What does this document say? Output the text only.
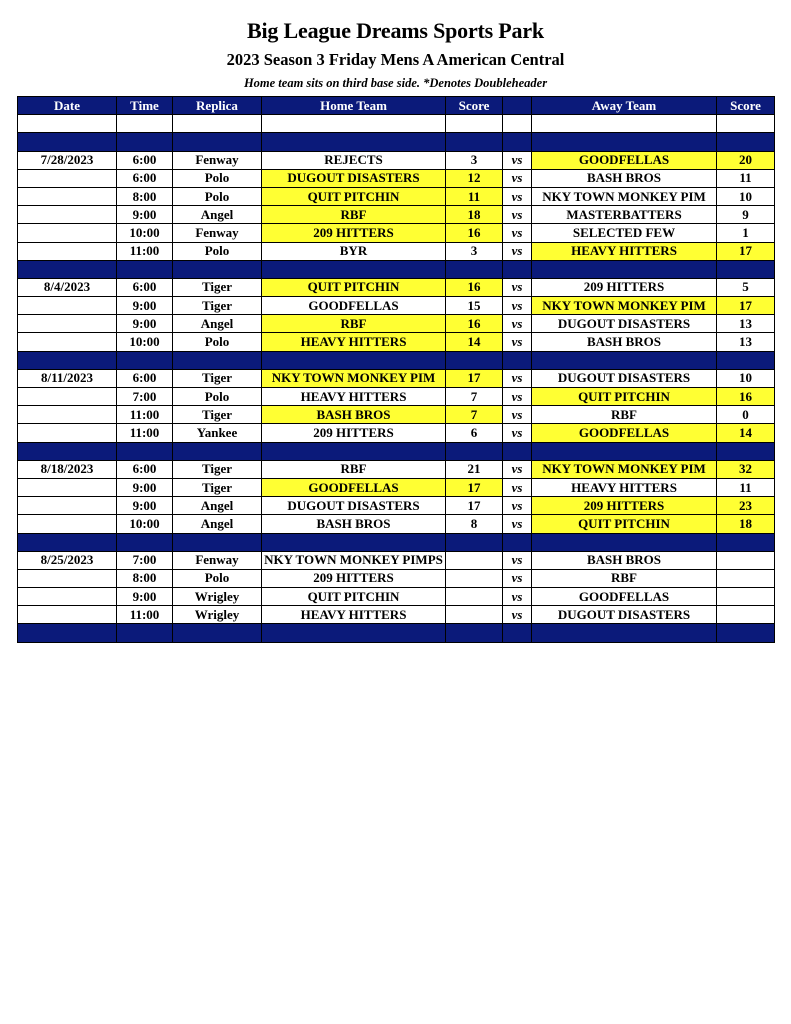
Big League Dreams Sports Park
2023 Season 3 Friday Mens A American Central
Home team sits on third base side. *Denotes Doubleheader
Date	Time	Replica	Home Team	Score		Away Team	Score

7/28/2023	6:00	Fenway	REJECTS	3	vs	GOODFELLAS	20
	6:00	Polo	DUGOUT DISASTERS	12	vs	BASH BROS	11
	8:00	Polo	QUIT PITCHIN	11	vs	NKY TOWN MONKEY PIM	10
	9:00	Angel	RBF	18	vs	MASTERBATTERS	9
	10:00	Fenway	209 HITTERS	16	vs	SELECTED FEW	1
	11:00	Polo	BYR	3	vs	HEAVY HITTERS	17

8/4/2023	6:00	Tiger	QUIT PITCHIN	16	vs	209 HITTERS	5
	9:00	Tiger	GOODFELLAS	15	vs	NKY TOWN MONKEY PIM	17
	9:00	Angel	RBF	16	vs	DUGOUT DISASTERS	13
	10:00	Polo	HEAVY HITTERS	14	vs	BASH BROS	13

8/11/2023	6:00	Tiger	NKY TOWN MONKEY PIM	17	vs	DUGOUT DISASTERS	10
	7:00	Polo	HEAVY HITTERS	7	vs	QUIT PITCHIN	16
	11:00	Tiger	BASH BROS	7	vs	RBF	0
	11:00	Yankee	209 HITTERS	6	vs	GOODFELLAS	14

8/18/2023	6:00	Tiger	RBF	21	vs	NKY TOWN MONKEY PIM	32
	9:00	Tiger	GOODFELLAS	17	vs	HEAVY HITTERS	11
	9:00	Angel	DUGOUT DISASTERS	17	vs	209 HITTERS	23
	10:00	Angel	BASH BROS	8	vs	QUIT PITCHIN	18

8/25/2023	7:00	Fenway	NKY TOWN MONKEY PIMPS		vs	BASH BROS	
	8:00	Polo	209 HITTERS		vs	RBF	
	9:00	Wrigley	QUIT PITCHIN		vs	GOODFELLAS	
	11:00	Wrigley	HEAVY HITTERS		vs	DUGOUT DISASTERS	
